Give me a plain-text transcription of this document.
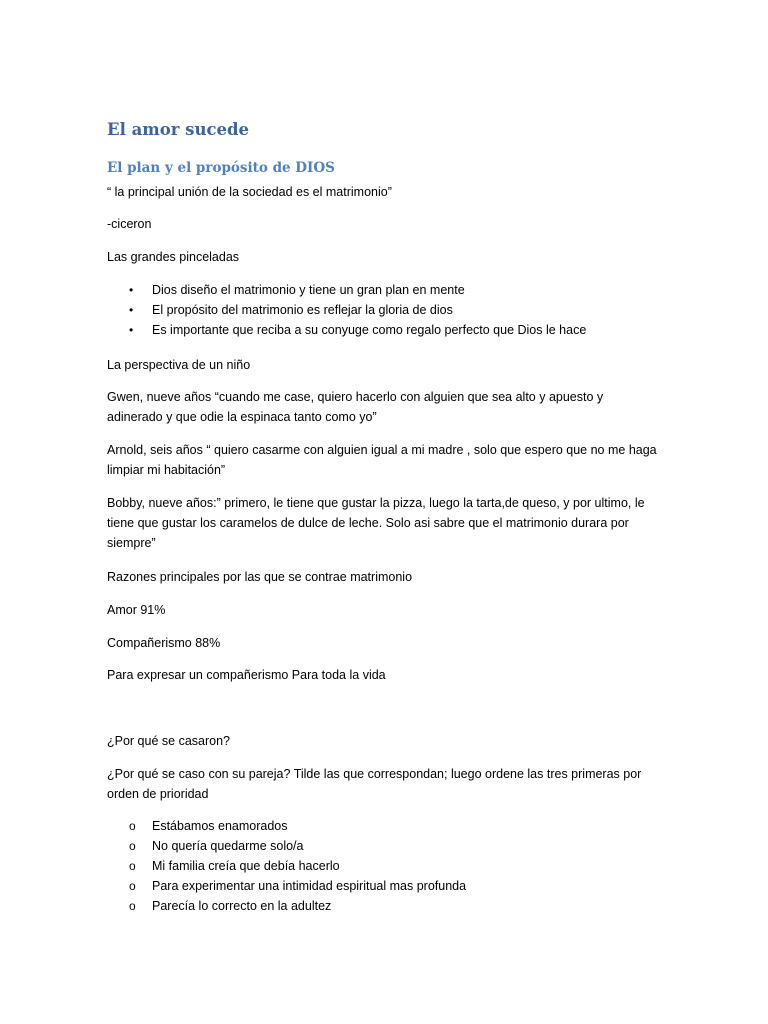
El amor sucede
El plan y el propósito de DIOS

“ la principal unión de la sociedad es el matrimonio”

-ciceron

Las grandes pinceladas

• Dios diseño el matrimonio y tiene un gran plan en mente
• El propósito del matrimonio es reflejar la gloria de dios
• Es importante que reciba a su conyuge como regalo perfecto que Dios le hace

La perspectiva de un niño

Gwen, nueve años “cuando me case, quiero hacerlo con alguien que sea alto y apuesto y

adinerado y que odie la espinaca tanto como yo”

Arnold, seis años “ quiero casarme con alguien igual a mi madre , solo que espero que no me haga

limpiar mi habitación”

Bobby, nueve años:” primero, le tiene que gustar la pizza, luego la tarta,de queso, y por ultimo, le

tiene que gustar los caramelos de dulce de leche. Solo asi sabre que el matrimonio durara por

siempre”

Razones principales por las que se contrae matrimonio

Amor 91%

Compañerismo 88%

Para expresar un compañerismo Para toda la vida

¿Por qué se casaron?

¿Por qué se caso con su pareja? Tilde las que correspondan; luego ordene las tres primeras por

orden de prioridad

o Estábamos enamorados
o No quería quedarme solo/a
o Mi familia creía que debía hacerlo
o Para experimentar una intimidad espiritual mas profunda
o Parecía lo correcto en la adultez
